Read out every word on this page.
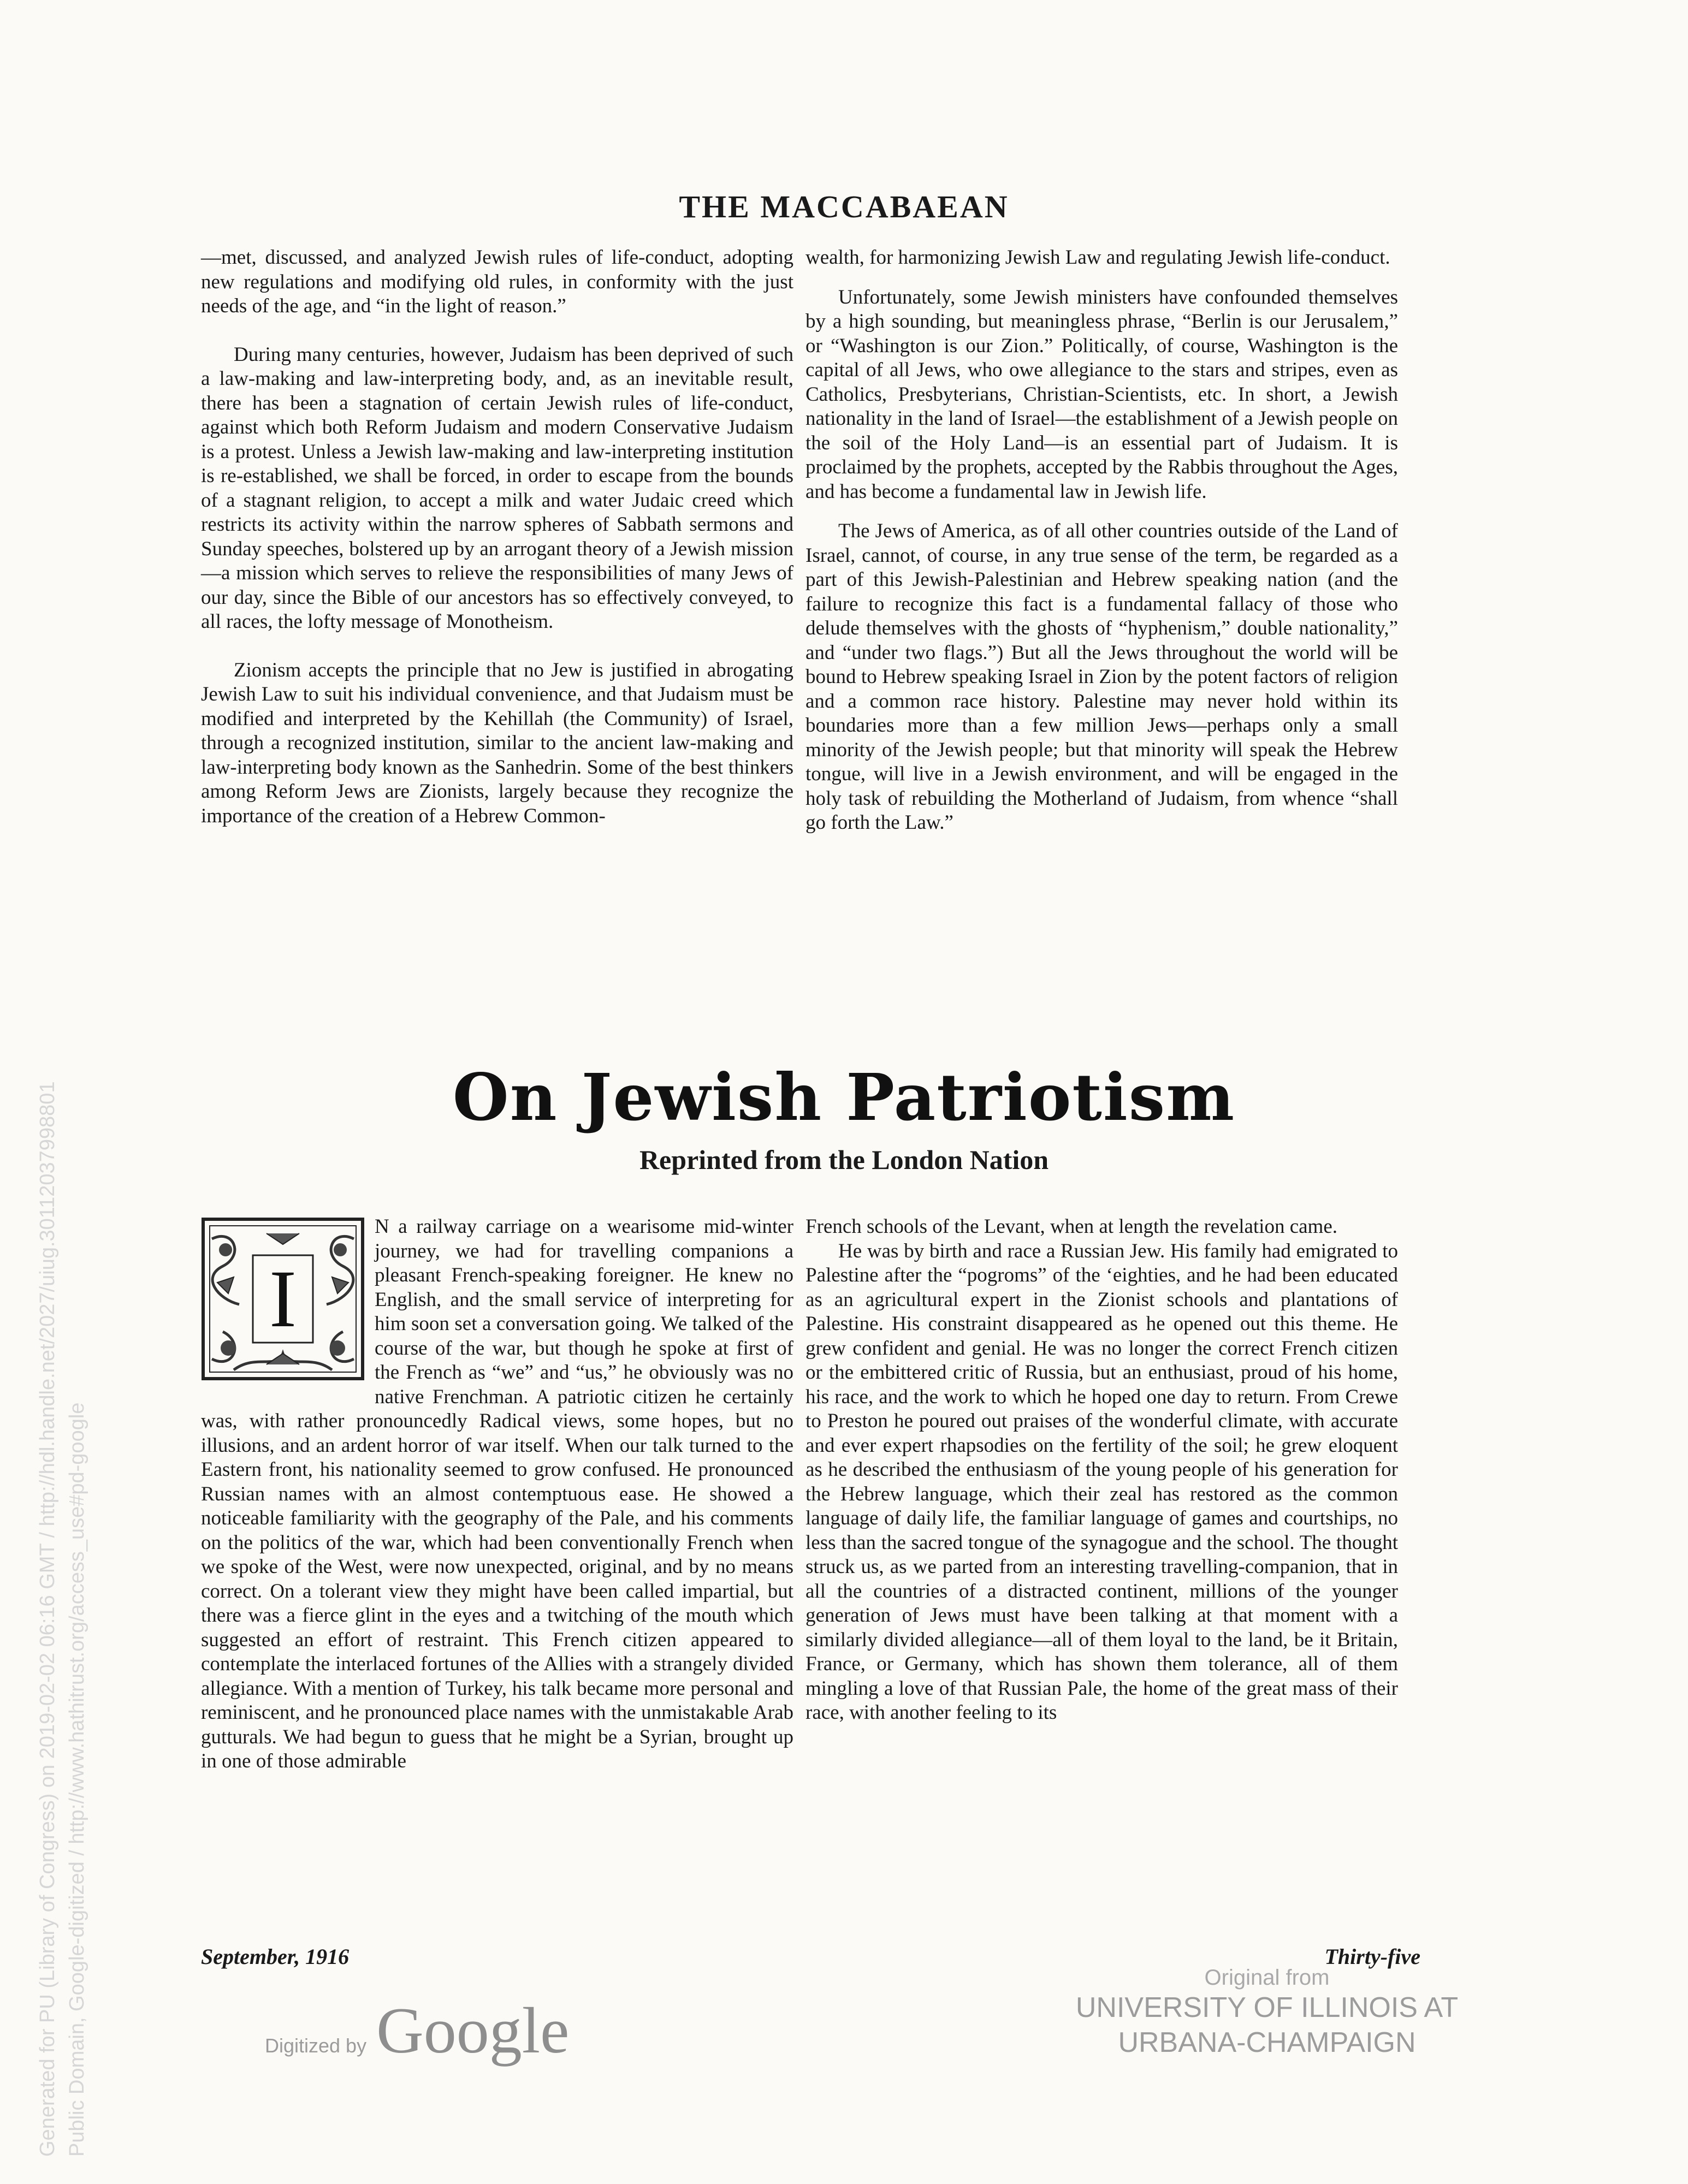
THE MACCABAEAN

—met, discussed, and analyzed Jewish rules of life-conduct, adopting new regulations and modifying old rules, in conformity with the just needs of the age, and “in the light of reason.”

During many centuries, however, Judaism has been deprived of such a law-making and law-interpreting body, and, as an inevitable result, there has been a stagnation of certain Jewish rules of life-conduct, against which both Reform Judaism and modern Conservative Judaism is a protest. Unless a Jewish law-making and law-interpreting institution is re-established, we shall be forced, in order to escape from the bounds of a stagnant religion, to accept a milk and water Judaic creed which restricts its activity within the narrow spheres of Sabbath sermons and Sunday speeches, bolstered up by an arrogant theory of a Jewish mission—a mission which serves to relieve the responsibilities of many Jews of our day, since the Bible of our ancestors has so effectively conveyed, to all races, the lofty message of Monotheism.

Zionism accepts the principle that no Jew is justified in abrogating Jewish Law to suit his individual convenience, and that Judaism must be modified and interpreted by the Kehillah (the Community) of Israel, through a recognized institution, similar to the ancient law-making and law-interpreting body known as the Sanhedrin. Some of the best thinkers among Reform Jews are Zionists, largely because they recognize the importance of the creation of a Hebrew Common-

wealth, for harmonizing Jewish Law and regulating Jewish life-conduct.

Unfortunately, some Jewish ministers have confounded themselves by a high sounding, but meaningless phrase, “Berlin is our Jerusalem,” or “Washington is our Zion.” Politically, of course, Washington is the capital of all Jews, who owe allegiance to the stars and stripes, even as Catholics, Presbyterians, Christian-Scientists, etc. In short, a Jewish nationality in the land of Israel—the establishment of a Jewish people on the soil of the Holy Land—is an essential part of Judaism. It is proclaimed by the prophets, accepted by the Rabbis throughout the Ages, and has become a fundamental law in Jewish life.

The Jews of America, as of all other countries outside of the Land of Israel, cannot, of course, in any true sense of the term, be regarded as a part of this Jewish-Palestinian and Hebrew speaking nation (and the failure to recognize this fact is a fundamental fallacy of those who delude themselves with the ghosts of “hyphenism,” double nationality,” and “under two flags.”) But all the Jews throughout the world will be bound to Hebrew speaking Israel in Zion by the potent factors of religion and a common race history. Palestine may never hold within its boundaries more than a few million Jews—perhaps only a small minority of the Jewish people; but that minority will speak the Hebrew tongue, will live in a Jewish environment, and will be engaged in the holy task of rebuilding the Motherland of Judaism, from whence “shall go forth the Law.”

On Jewish Patriotism
Reprinted from the London Nation
I

N a railway carriage on a wearisome mid-winter journey, we had for travelling companions a pleasant French-speaking foreigner. He knew no English, and the small service of interpreting for him soon set a conversation going. We talked of the course of the war, but though he spoke at first of the French as “we” and “us,” he obviously was no native Frenchman. A patriotic citizen he certainly was, with rather pronouncedly Radical views, some hopes, but no illusions, and an ardent horror of war itself. When our talk turned to the Eastern front, his nationality seemed to grow confused. He pronounced Russian names with an almost contemptuous ease. He showed a noticeable familiarity with the geography of the Pale, and his comments on the politics of the war, which had been conventionally French when we spoke of the West, were now unexpected, original, and by no means correct. On a tolerant view they might have been called impartial, but there was a fierce glint in the eyes and a twitching of the mouth which suggested an effort of restraint. This French citizen appeared to contemplate the interlaced fortunes of the Allies with a strangely divided allegiance. With a mention of Turkey, his talk became more personal and reminiscent, and he pronounced place names with the unmistakable Arab gutturals. We had begun to guess that he might be a Syrian, brought up in one of those admirable

French schools of the Levant, when at length the revelation came.

He was by birth and race a Russian Jew. His family had emigrated to Palestine after the “pogroms” of the ‘eighties, and he had been educated as an agricultural expert in the Zionist schools and plantations of Palestine. His constraint disappeared as he opened out this theme. He grew confident and genial. He was no longer the correct French citizen or the embittered critic of Russia, but an enthusiast, proud of his home, his race, and the work to which he hoped one day to return. From Crewe to Preston he poured out praises of the wonderful climate, with accurate and ever expert rhapsodies on the fertility of the soil; he grew eloquent as he described the enthusiasm of the young people of his generation for the Hebrew language, which their zeal has restored as the common language of daily life, the familiar language of games and courtships, no less than the sacred tongue of the synagogue and the school. The thought struck us, as we parted from an interesting travelling-companion, that in all the countries of a distracted continent, millions of the younger generation of Jews must have been talking at that moment with a similarly divided allegiance—all of them loyal to the land, be it Britain, France, or Germany, which has shown them tolerance, all of them mingling a love of that Russian Pale, the home of the great mass of their race, with another feeling to its

September, 1916	Thirty-five
Digitized by Google
Original from
UNIVERSITY OF ILLINOIS AT
URBANA-CHAMPAIGN
Generated for PU (Library of Congress) on 2019-02-02 06:16 GMT / http://hdl.handle.net/2027/uiug.30112037998801 Public Domain, Google-digitized / http://www.hathitrust.org/access_use#pd-google
